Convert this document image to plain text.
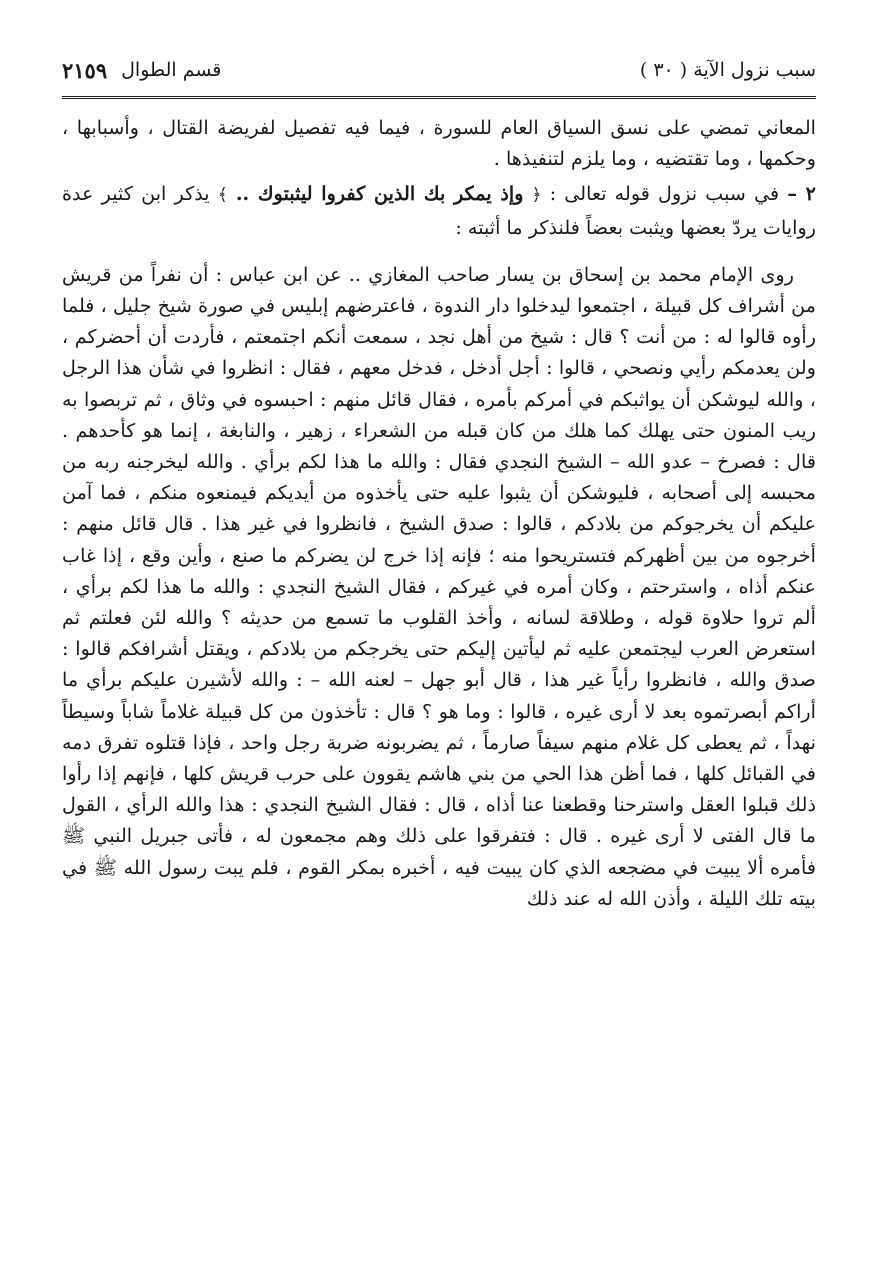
سبب نزول الآية ( ٣٠ )
قسم الطوال
٢١٥٩

المعاني تمضي على نسق السياق العام للسورة ، فيما فيه تفصيل لفريضة القتال ، وأسبابها ، وحكمها ، وما تقتضيه ، وما يلزم لتنفيذها .

٢ – في سبب نزول قوله تعالى : ﴿ وإذ يمكر بك الذين كفروا ليثبتوك .. ﴾ يذكر ابن كثير عدة روايات يردّ بعضها ويثبت بعضاً فلنذكر ما أثبته :

روى الإمام محمد بن إسحاق بن يسار صاحب المغازي .. عن ابن عباس : أن نفراً من قريش من أشراف كل قبيلة ، اجتمعوا ليدخلوا دار الندوة ، فاعترضهم إبليس في صورة شيخ جليل ، فلما رأوه قالوا له : من أنت ؟ قال : شيخ من أهل نجد ، سمعت أنكم اجتمعتم ، فأردت أن أحضركم ، ولن يعدمكم رأيي ونصحي ، قالوا : أجل أدخل ، فدخل معهم ، فقال : انظروا في شأن هذا الرجل ، والله ليوشكن أن يواثبكم في أمركم بأمره ، فقال قائل منهم : احبسوه في وثاق ، ثم تربصوا به ريب المنون حتى يهلك كما هلك من كان قبله من الشعراء ، زهير ، والنابغة ، إنما هو كأحدهم . قال : فصرخ – عدو الله – الشيخ النجدي فقال : والله ما هذا لكم برأي . والله ليخرجنه ربه من محبسه إلى أصحابه ، فليوشكن أن يثبوا عليه حتى يأخذوه من أيديكم فيمنعوه منكم ، فما آمن عليكم أن يخرجوكم من بلادكم ، قالوا : صدق الشيخ ، فانظروا في غير هذا . قال قائل منهم : أخرجوه من بين أظهركم فتستريحوا منه ؛ فإنه إذا خرج لن يضركم ما صنع ، وأين وقع ، إذا غاب عنكم أذاه ، واسترحتم ، وكان أمره في غيركم ، فقال الشيخ النجدي : والله ما هذا لكم برأي ، ألم تروا حلاوة قوله ، وطلاقة لسانه ، وأخذ القلوب ما تسمع من حديثه ؟ والله لئن فعلتم ثم استعرض العرب ليجتمعن عليه ثم ليأتين إليكم حتى يخرجكم من بلادكم ، ويقتل أشرافكم قالوا : صدق والله ، فانظروا رأياً غير هذا ، قال أبو جهل – لعنه الله – : والله لأشيرن عليكم برأي ما أراكم أبصرتموه بعد لا أرى غيره ، قالوا : وما هو ؟ قال : تأخذون من كل قبيلة غلاماً شاباً وسيطاً نهداً ، ثم يعطى كل غلام منهم سيفاً صارماً ، ثم يضربونه ضربة رجل واحد ، فإذا قتلوه تفرق دمه في القبائل كلها ، فما أظن هذا الحي من بني هاشم يقوون على حرب قريش كلها ، فإنهم إذا رأوا ذلك قبلوا العقل واسترحنا وقطعنا عنا أذاه ، قال : فقال الشيخ النجدي : هذا والله الرأي ، القول ما قال الفتى لا أرى غيره . قال : فتفرقوا على ذلك وهم مجمعون له ، فأتى جبريل النبي ﷺ فأمره ألا يبيت في مضجعه الذي كان يبيت فيه ، أخبره بمكر القوم ، فلم يبت رسول الله ﷺ في بيته تلك الليلة ، وأذن الله له عند ذلك
